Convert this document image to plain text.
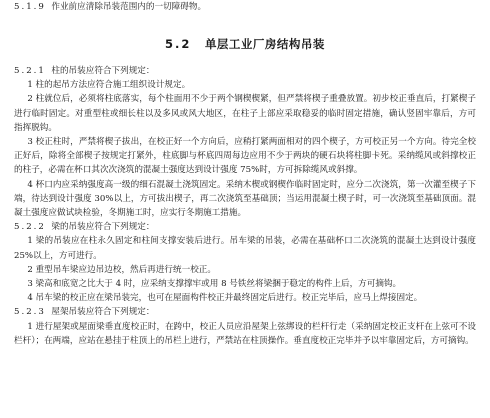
5.1.9 作业前应清除吊装范围内的一切障碍物。
5.2 单层工业厂房结构吊装
5.2.1 柱的吊装应符合下列规定：

1 柱的起吊方法应符合施工组织设计规定。

2 柱就位后，必须将柱底落实，每个柱面用不少于两个钢楔楔紧，但严禁将楔子重叠放置。初步校正垂直后，打紧楔子进行临时固定。对重型柱或细长柱以及多风或风大地区，在柱子上部应采取稳妥的临时固定措施，确认竖固牢靠后，方可指挥脱钩。

3 校正柱时，严禁将楔子拔出，在校正好一个方向后，应稍打紧两面相对的四个楔子，方可校正另一个方向。待完全校正好后，除将全部楔子按规定打紧外，柱底脚与杯底四周每边应用不少于两块的硬石块将柱脚卡死。采纳缆风或斜撑校正的柱子，必需在杯口其次次浇筑的混凝土强度达到设计强度 75%时，方可拆除缆风或斜撑。

4 杯口内应采纳强度高一级的细石混凝土浇筑固定。采纳木楔或钢楔作临时固定时，应分二次浇筑，第一次灌至楔子下端，待达到设计强度 30%以上，方可拔出楔子，再二次浇筑至基础顶；当运用混凝土楔子时，可一次浇筑至基础顶面。混凝土强度应做试块检验，冬期施工时，应实行冬期施工措施。

5.2.2 梁的吊装应符合下列规定：

1 梁的吊装应在柱永久固定和柱间支撑安装后进行。吊车梁的吊装，必需在基础杯口二次浇筑的混凝土达到设计强度 25%以上，方可进行。

2 重型吊车梁应边吊边校，然后再进行统一校正。

3 梁高和底宽之比大于 4 时，应采纳支撑撑牢或用 8 号铁丝将梁捆于稳定的构件上后，方可摘钩。

4 吊车梁的校正应在梁吊装完，也可在屋面构件校正并最终固定后进行。校正完毕后，应马上焊接固定。

5.2.3 屋架吊装应符合下列规定：

1 进行屋架或屋面梁垂直度校正时，在跨中，校正人员应沿屋架上弦绑设的栏杆行走（采纳固定校正支杆在上弦可不设栏杆）；在两端，应站在悬挂于柱顶上的吊栏上进行，严禁站在柱顶操作。垂直度校正完毕并予以牢靠固定后，方可摘钩。
